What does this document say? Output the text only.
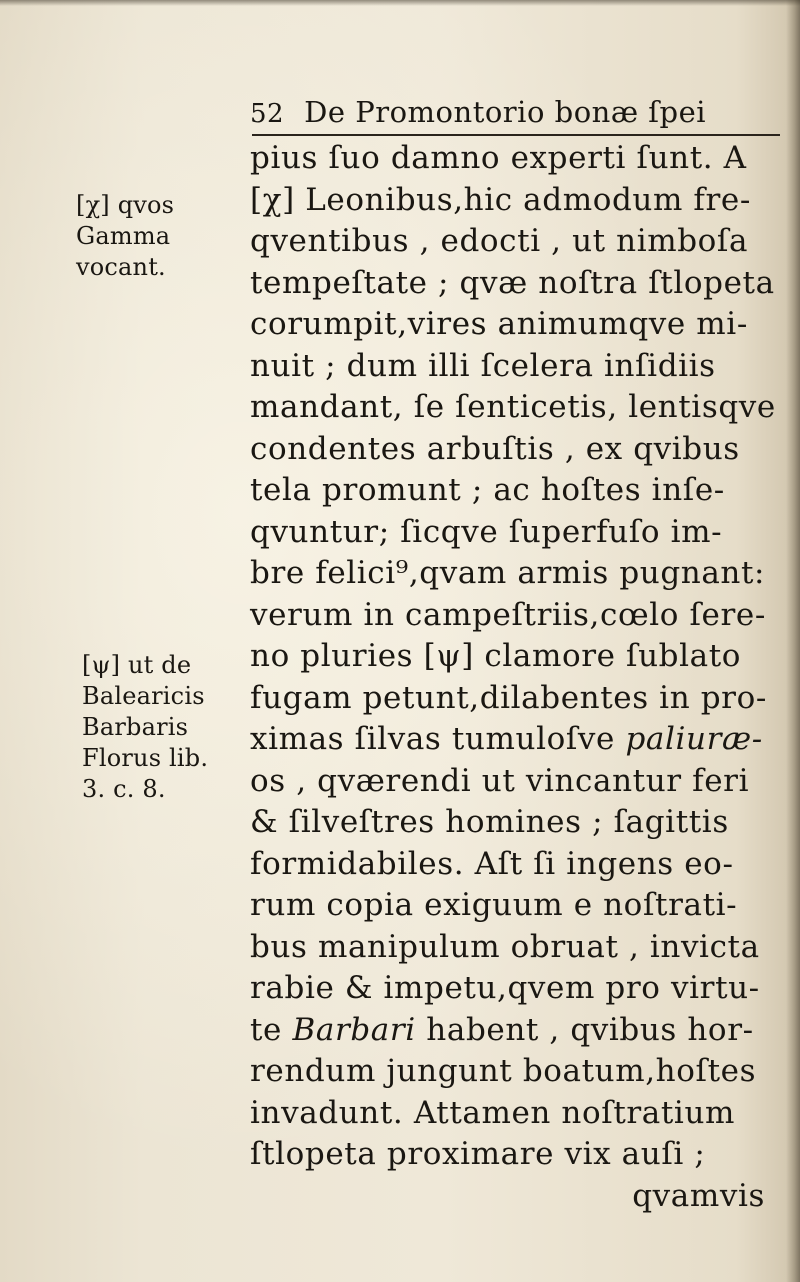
52 De Promontorio bonæ ſpei
[χ] qvos
Gamma
vocant.
[ψ] ut de
Balearicis
Barbaris
Florus lib.
3. c. 8.
pius ſuo damno experti ſunt. A
[χ] Leonibus,hic admodum fre-
qventibus , edocti , ut nimboſa
tempeſtate ; qvæ noſtra ſtlopeta
corumpit,vires animumqve mi-
nuit ; dum illi ſcelera inſidiis
mandant, ſe ſenticetis, lentisqve
condentes arbuſtis , ex qvibus
tela promunt ; ac hoſtes inſe-
qvuntur; ſicqve ſuperfuſo im-
bre felici⁹,qvam armis pugnant:
verum in campeſtriis,cœlo ſere-
no pluries [ψ] clamore ſublato
fugam petunt,dilabentes in pro-
ximas ſilvas tumuloſve paliuræ-
os , qværendi ut vincantur feri
& ſilveſtres homines ; ſagittis
formidabiles. Aſt ſi ingens eo-
rum copia exiguum e noſtrati-
bus manipulum obruat , invicta
rabie & impetu,qvem pro virtu-
te Barbari habent , qvibus hor-
rendum jungunt boatum,hoſtes
invadunt. Attamen noſtratium
ſtlopeta proximare vix auſi ;
qvamvis
